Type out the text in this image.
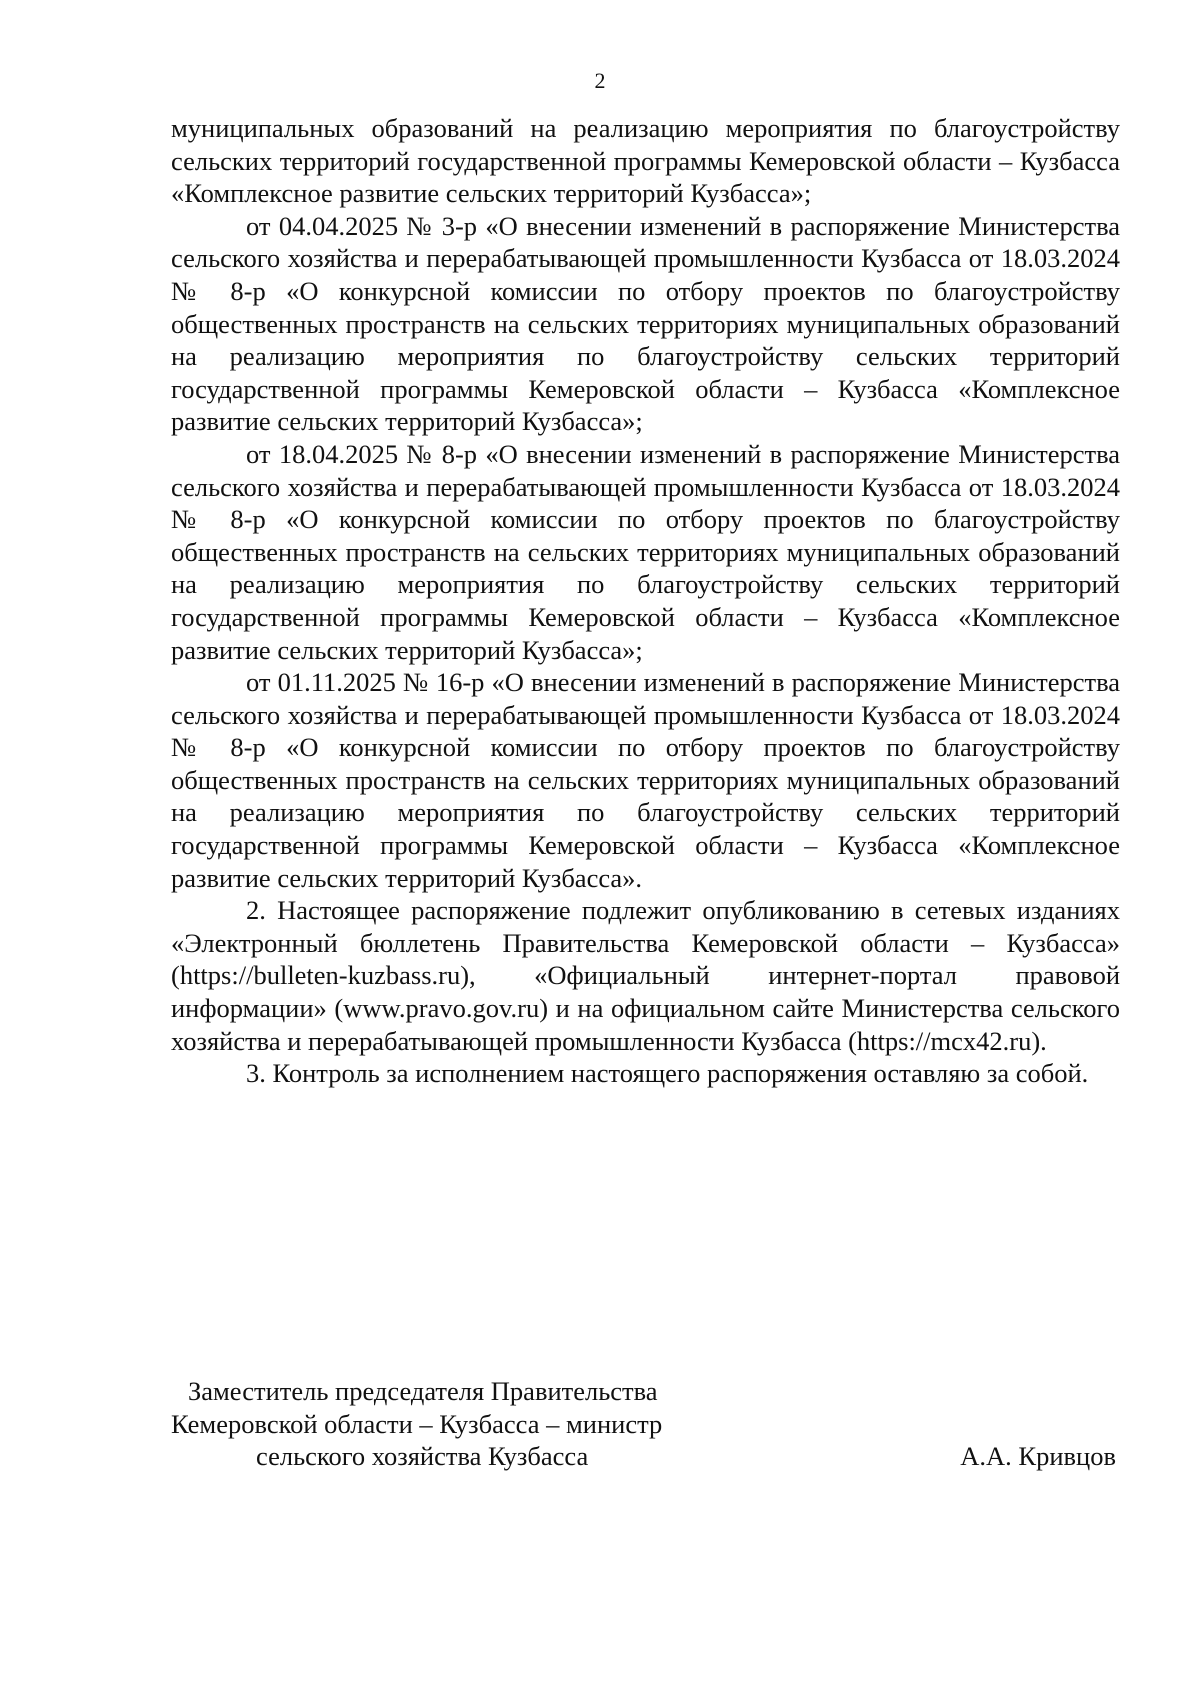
2

муниципальных образований на реализацию мероприятия по благоустройству сельских территорий государственной программы Кемеровской области – Кузбасса «Комплексное развитие сельских территорий Кузбасса»;

от 04.04.2025 № 3-р «О внесении изменений в распоряжение Министерства сельского хозяйства и перерабатывающей промышленности Кузбасса от 18.03.2024 № 8-р «О конкурсной комиссии по отбору проектов по благоустройству общественных пространств на сельских территориях муниципальных образований на реализацию мероприятия по благоустройству сельских территорий государственной программы Кемеровской области – Кузбасса «Комплексное развитие сельских территорий Кузбасса»;

от 18.04.2025 № 8-р «О внесении изменений в распоряжение Министерства сельского хозяйства и перерабатывающей промышленности Кузбасса от 18.03.2024 № 8-р «О конкурсной комиссии по отбору проектов по благоустройству общественных пространств на сельских территориях муниципальных образований на реализацию мероприятия по благоустройству сельских территорий государственной программы Кемеровской области – Кузбасса «Комплексное развитие сельских территорий Кузбасса»;

от 01.11.2025 № 16-р «О внесении изменений в распоряжение Министерства сельского хозяйства и перерабатывающей промышленности Кузбасса от 18.03.2024 № 8-р «О конкурсной комиссии по отбору проектов по благоустройству общественных пространств на сельских территориях муниципальных образований на реализацию мероприятия по благоустройству сельских территорий государственной программы Кемеровской области – Кузбасса «Комплексное развитие сельских территорий Кузбасса».

2. Настоящее распоряжение подлежит опубликованию в сетевых изданиях «Электронный бюллетень Правительства Кемеровской области – Кузбасса» (https://bulleten-kuzbass.ru), «Официальный интернет-портал правовой информации» (www.pravo.gov.ru) и на официальном сайте Министерства сельского хозяйства и перерабатывающей промышленности Кузбасса (https://mcx42.ru).

3. Контроль за исполнением настоящего распоряжения оставляю за собой.

Заместитель председателя Правительства
Кемеровской области – Кузбасса – министр
сельского хозяйства Кузбасса	А.А. Кривцов
